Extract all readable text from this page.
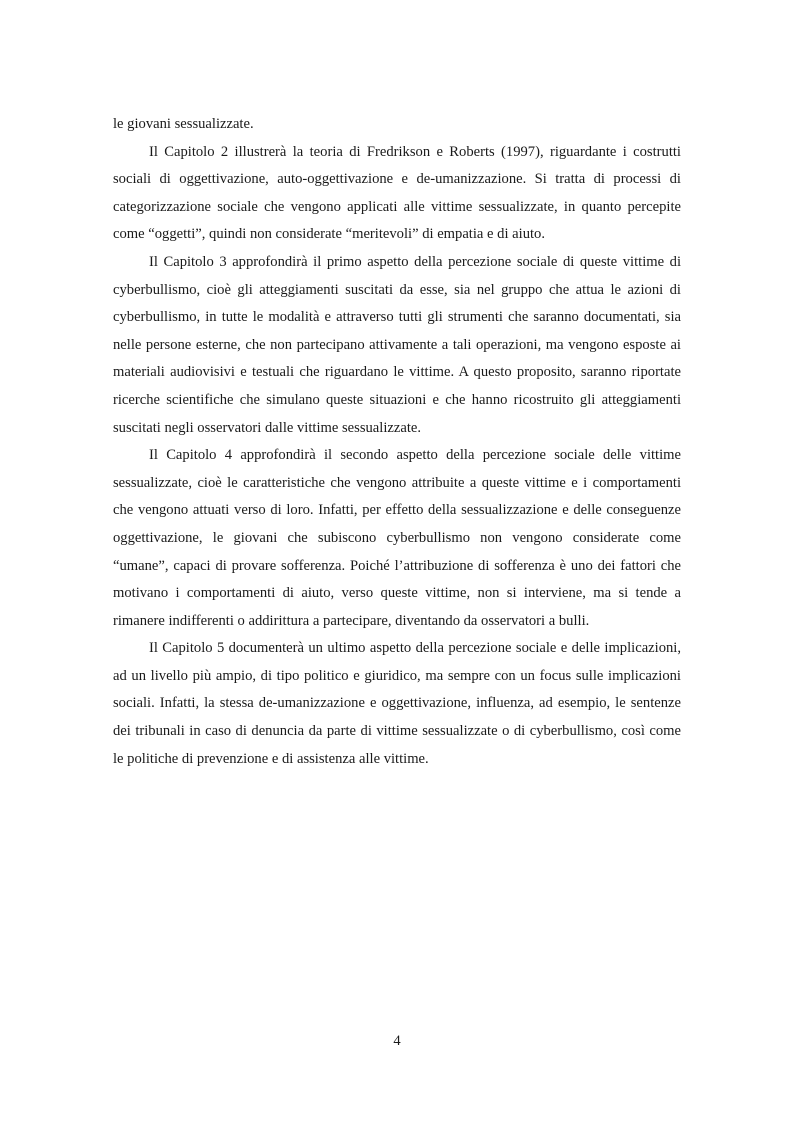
le giovani sessualizzate.

Il Capitolo 2 illustrerà la teoria di Fredrikson e Roberts (1997), riguardante i costrutti sociali di oggettivazione, auto-oggettivazione e de-umanizzazione. Si tratta di processi di categorizzazione sociale che vengono applicati alle vittime sessualizzate, in quanto percepite come “oggetti”, quindi non considerate “meritevoli” di empatia e di aiuto.

Il Capitolo 3 approfondirà il primo aspetto della percezione sociale di queste vittime di cyberbullismo, cioè gli atteggiamenti suscitati da esse, sia nel gruppo che attua le azioni di cyberbullismo, in tutte le modalità e attraverso tutti gli strumenti che saranno documentati, sia nelle persone esterne, che non partecipano attivamente a tali operazioni, ma vengono esposte ai materiali audiovisivi e testuali che riguardano le vittime. A questo proposito, saranno riportate ricerche scientifiche che simulano queste situazioni e che hanno ricostruito gli atteggiamenti suscitati negli osservatori dalle vittime sessualizzate.

Il Capitolo 4 approfondirà il secondo aspetto della percezione sociale delle vittime sessualizzate, cioè le caratteristiche che vengono attribuite a queste vittime e i comportamenti che vengono attuati verso di loro. Infatti, per effetto della sessualizzazione e delle conseguenze oggettivazione, le giovani che subiscono cyberbullismo non vengono considerate come “umane”, capaci di provare sofferenza. Poiché l’attribuzione di sofferenza è uno dei fattori che motivano i comportamenti di aiuto, verso queste vittime, non si interviene, ma si tende a rimanere indifferenti o addirittura a partecipare, diventando da osservatori a bulli.

Il Capitolo 5 documenterà un ultimo aspetto della percezione sociale e delle implicazioni, ad un livello più ampio, di tipo politico e giuridico, ma sempre con un focus sulle implicazioni sociali. Infatti, la stessa de-umanizzazione e oggettivazione, influenza, ad esempio, le sentenze dei tribunali in caso di denuncia da parte di vittime sessualizzate o di cyberbullismo, così come le politiche di prevenzione e di assistenza alle vittime.

4
